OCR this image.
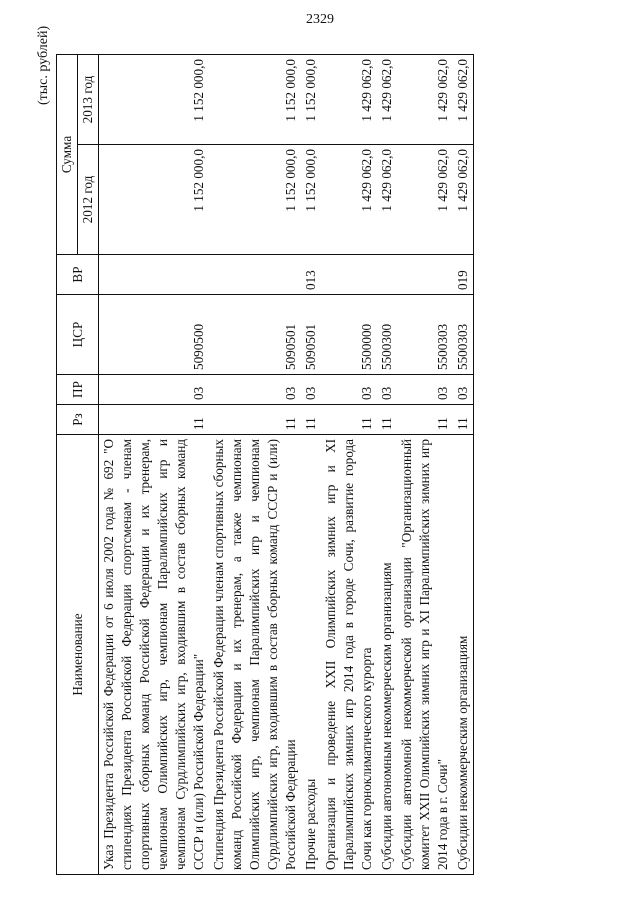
2329
(тыс. рублей)
Наименование	Рз	ПР	ЦСР	ВР	Сумма	
					2012 год	2013 год
Указ Президента Российской Федерации от 6 июля 2002 года № 692 "О стипендиях Президента Российской Федерации спортсменам - членам спортивных сборных команд Российской Федерации и их тренерам, чемпионам Олимпийских игр, чемпионам Паралимпийских игр и чемпионам Сурдлимпийских игр, входившим в состав сборных команд СССР и (или) Российской Федерации"	11	03	5090500		1 152 000,0	1 152 000,0
Стипендия Президента Российской Федерации членам спортивных сборных команд Российской Федерации и их тренерам, а также чемпионам Олимпийских игр, чемпионам Паралимпийских игр и чемпионам Сурдлимпийских игр, входившим в состав сборных команд СССР и (или) Российской Федерации	11	03	5090501		1 152 000,0	1 152 000,0
Прочие расходы	11	03	5090501	013	1 152 000,0	1 152 000,0
Организация и проведение XXII Олимпийских зимних игр и XI Паралимпийских зимних игр 2014 года в городе Сочи, развитие города Сочи как горноклиматического курорта	11	03	5500000		1 429 062,0	1 429 062,0
Субсидии автономным некоммерческим организациям	11	03	5500300		1 429 062,0	1 429 062,0
Субсидии автономной некоммерческой организации "Организационный комитет XXII Олимпийских зимних игр и XI Паралимпийских зимних игр 2014 года в г. Сочи"	11	03	5500303		1 429 062,0	1 429 062,0
Субсидии некоммерческим организациям	11	03	5500303	019	1 429 062,0	1 429 062,0
